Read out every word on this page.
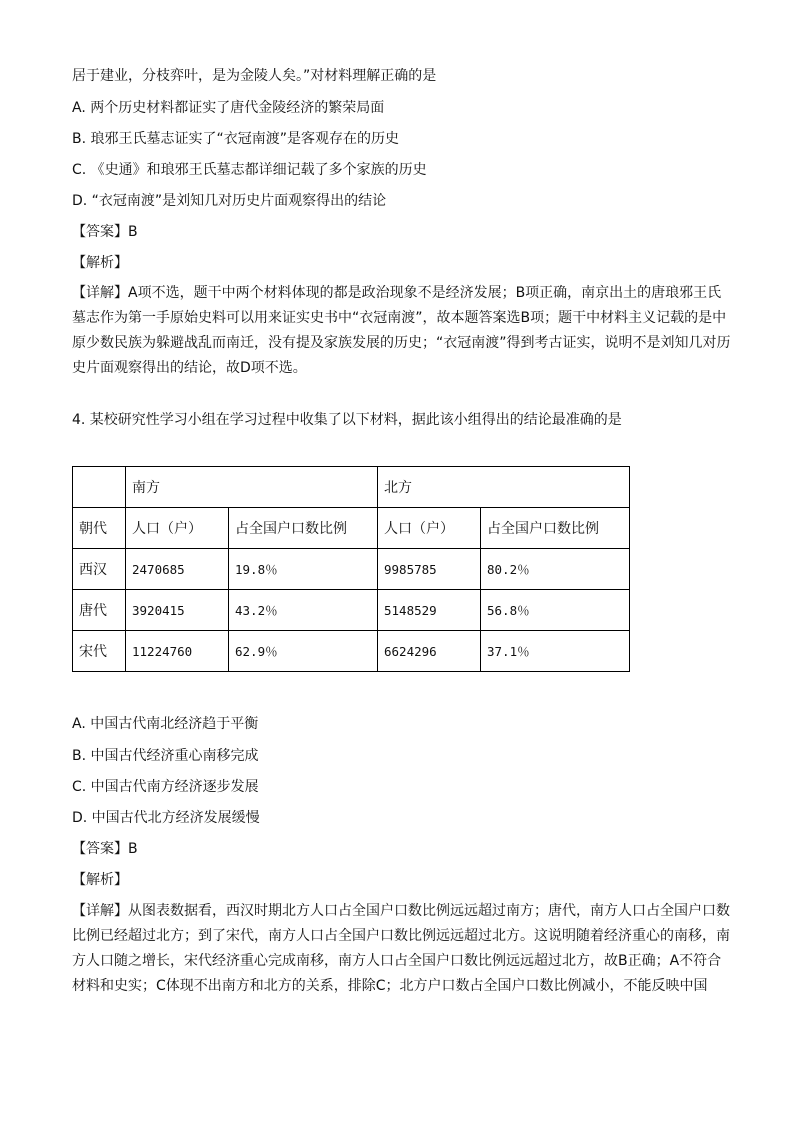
居于建业，分枝弈叶，是为金陵人矣。”对材料理解正确的是
A. 两个历史材料都证实了唐代金陵经济的繁荣局面
B. 琅邪王氏墓志证实了“衣冠南渡”是客观存在的历史
C. 《史通》和琅邪王氏墓志都详细记载了多个家族的历史
D. “衣冠南渡”是刘知几对历史片面观察得出的结论
【答案】B
【解析】
【详解】A项不选，题干中两个材料体现的都是政治现象不是经济发展；B项正确，南京出土的唐琅邪王氏墓志作为第一手原始史料可以用来证实史书中“衣冠南渡”，故本题答案选B项；题干中材料主义记载的是中原少数民族为躲避战乱而南迁，没有提及家族发展的历史；“衣冠南渡”得到考古证实，说明不是刘知几对历史片面观察得出的结论，故D项不选。
4. 某校研究性学习小组在学习过程中收集了以下材料，据此该小组得出的结论最准确的是
	南方		北方	
朝代	人口（户）	占全国户口数比例	人口（户）	占全国户口数比例
西汉	2470685	19.8％	9985785	80.2％
唐代	3920415	43.2％	5148529	56.8％
宋代	11224760	62.9％	6624296	37.1％
A. 中国古代南北经济趋于平衡
B. 中国古代经济重心南移完成
C. 中国古代南方经济逐步发展
D. 中国古代北方经济发展缓慢
【答案】B
【解析】
【详解】从图表数据看，西汉时期北方人口占全国户口数比例远远超过南方；唐代，南方人口占全国户口数比例已经超过北方；到了宋代，南方人口占全国户口数比例远远超过北方。这说明随着经济重心的南移，南方人口随之增长，宋代经济重心完成南移，南方人口占全国户口数比例远远超过北方，故B正确；A不符合材料和史实；C体现不出南方和北方的关系，排除C；北方户口数占全国户口数比例减小，不能反映中国
